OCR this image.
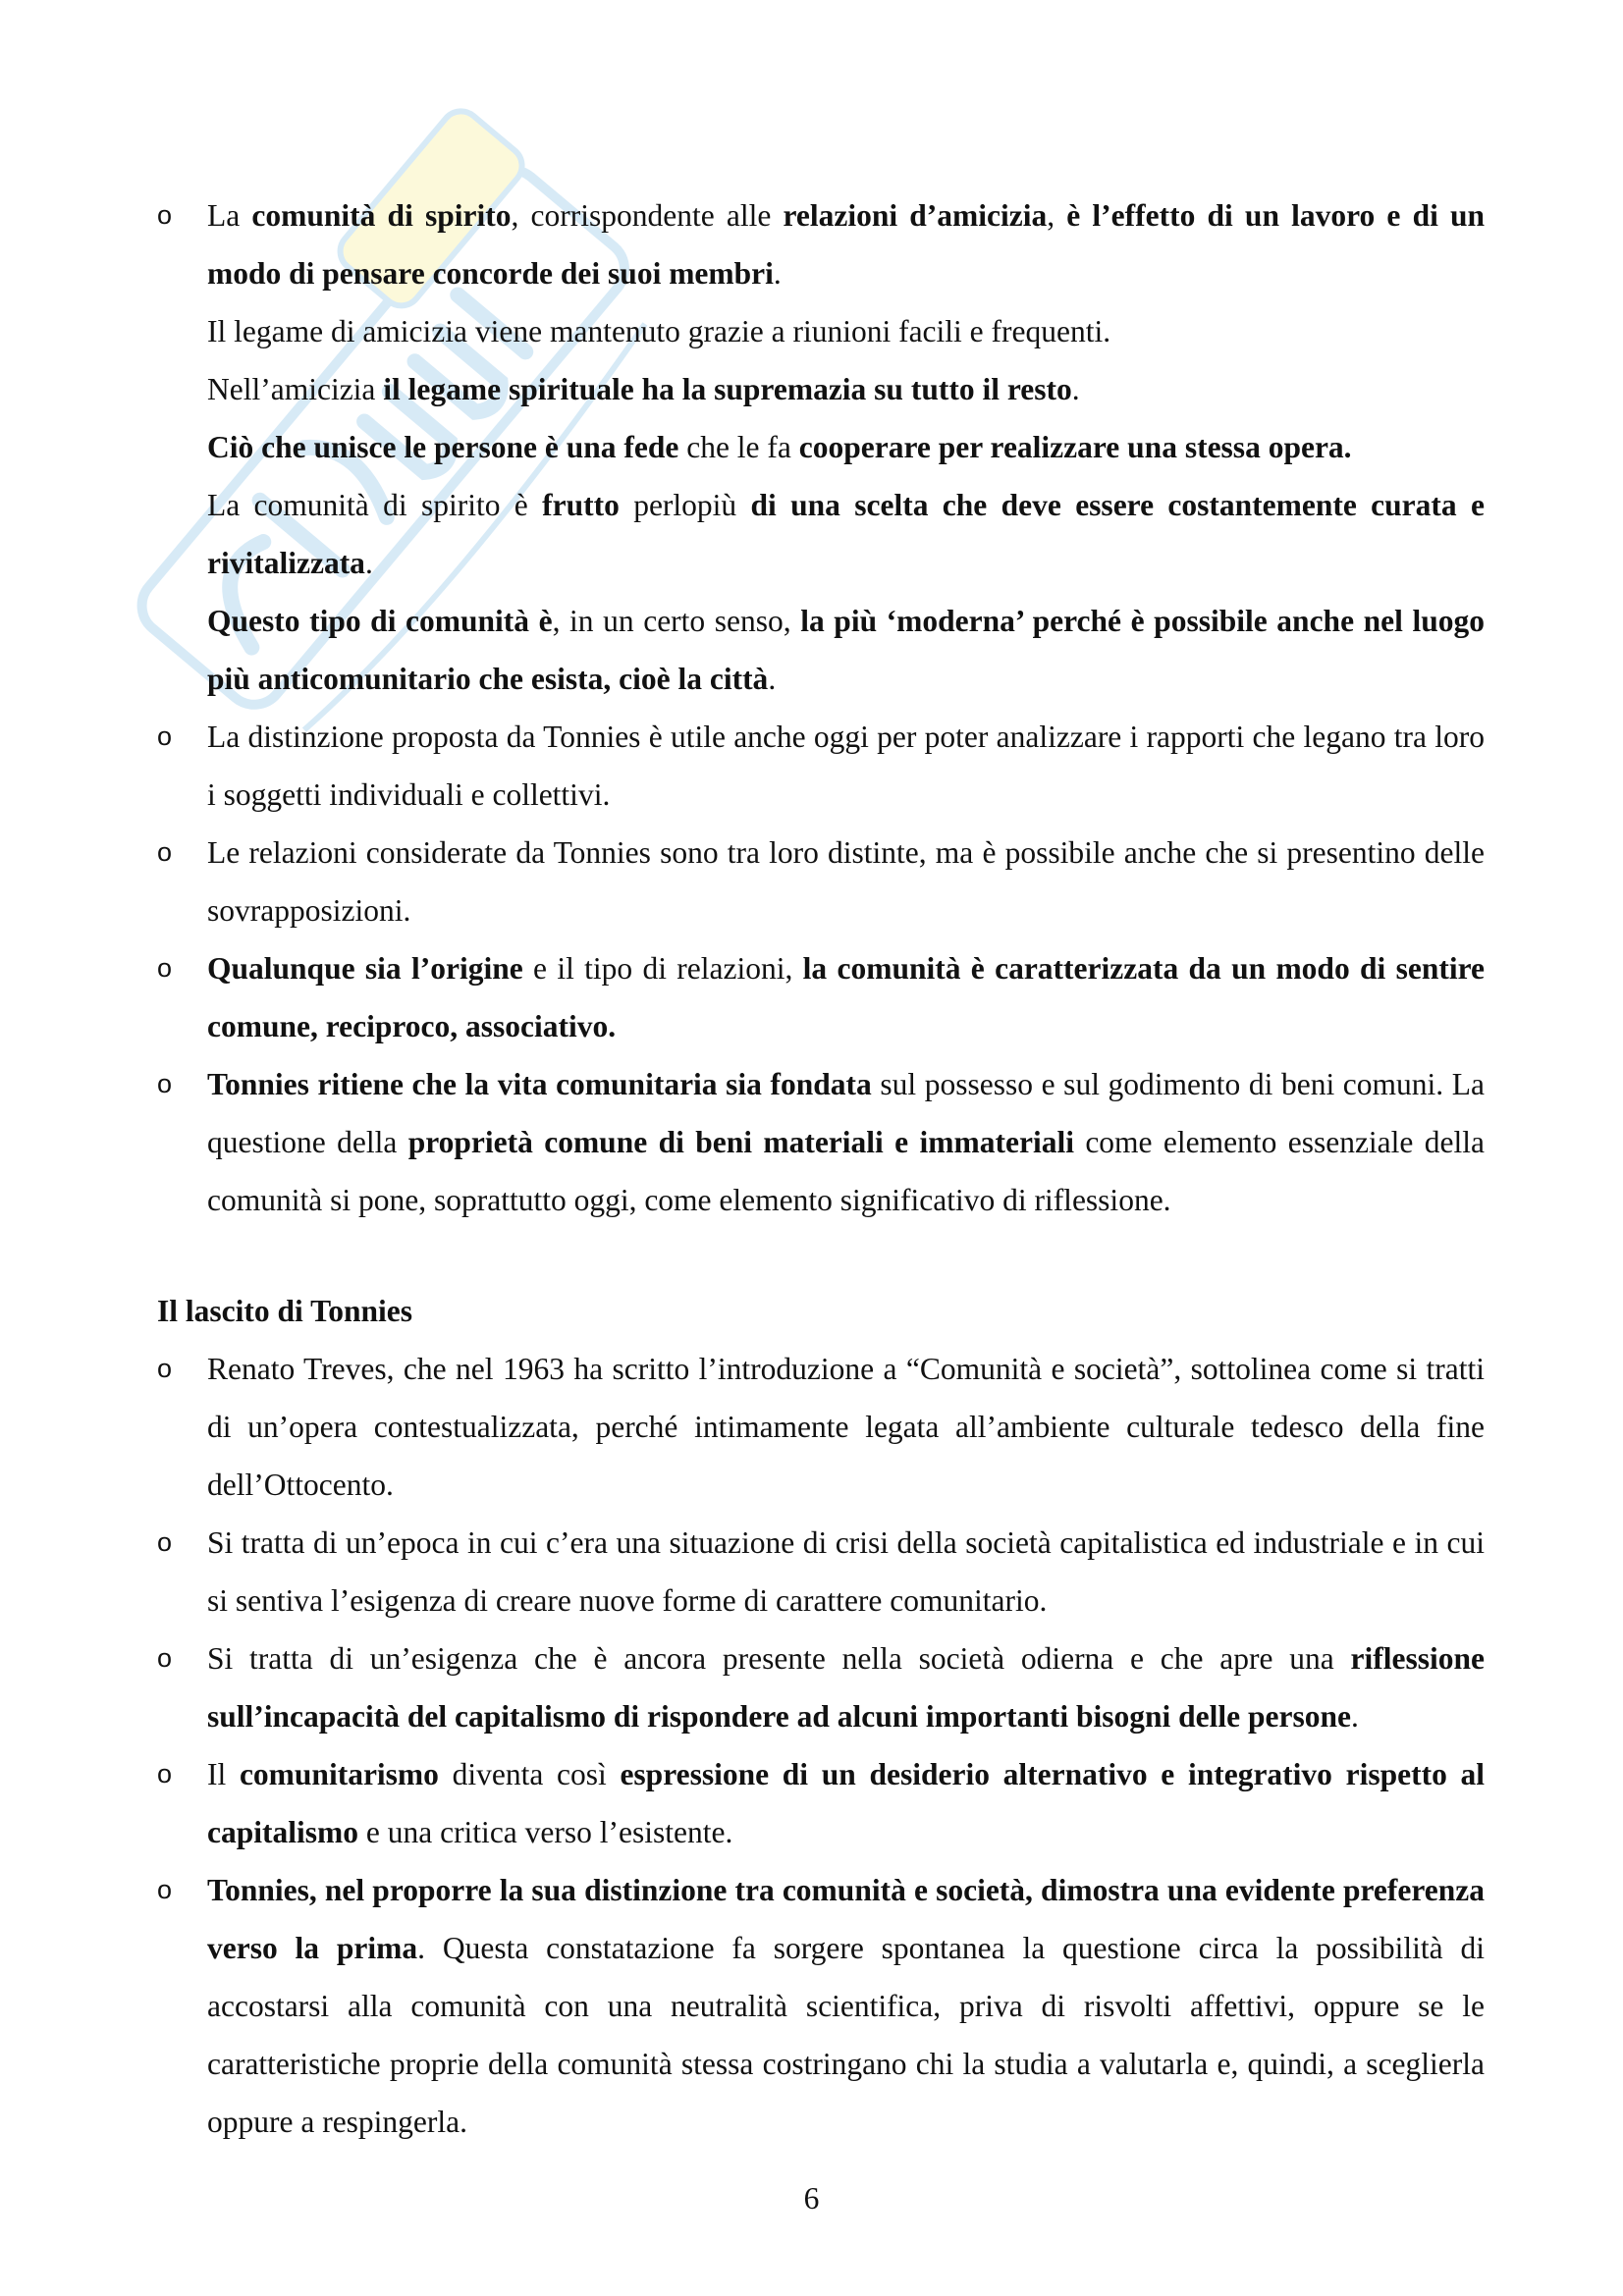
o La comunità di spirito, corrispondente alle relazioni d’amicizia, è l’effetto di un lavoro e di un modo di pensare concorde dei suoi membri.
Il legame di amicizia viene mantenuto grazie a riunioni facili e frequenti.
Nell’amicizia il legame spirituale ha la supremazia su tutto il resto.
Ciò che unisce le persone è una fede che le fa cooperare per realizzare una stessa opera.
La comunità di spirito è frutto perlopiù di una scelta che deve essere costantemente curata e rivitalizzata.
Questo tipo di comunità è, in un certo senso, la più ‘moderna’ perché è possibile anche nel luogo più anticomunitario che esista, cioè la città.
o La distinzione proposta da Tonnies è utile anche oggi per poter analizzare i rapporti che legano tra loro i soggetti individuali e collettivi.
o Le relazioni considerate da Tonnies sono tra loro distinte, ma è possibile anche che si presentino delle sovrapposizioni.
o Qualunque sia l’origine e il tipo di relazioni, la comunità è caratterizzata da un modo di sentire comune, reciproco, associativo.
o Tonnies ritiene che la vita comunitaria sia fondata sul possesso e sul godimento di beni comuni. La questione della proprietà comune di beni materiali e immateriali come elemento essenziale della comunità si pone, soprattutto oggi, come elemento significativo di riflessione.
Il lascito di Tonnies
o Renato Treves, che nel 1963 ha scritto l’introduzione a “Comunità e società”, sottolinea come si tratti di un’opera contestualizzata, perché intimamente legata all’ambiente culturale tedesco della fine dell’Ottocento.
o Si tratta di un’epoca in cui c’era una situazione di crisi della società capitalistica ed industriale e in cui si sentiva l’esigenza di creare nuove forme di carattere comunitario.
o Si tratta di un’esigenza che è ancora presente nella società odierna e che apre una riflessione sull’incapacità del capitalismo di rispondere ad alcuni importanti bisogni delle persone.
o Il comunitarismo diventa così espressione di un desiderio alternativo e integrativo rispetto al capitalismo e una critica verso l’esistente.
o Tonnies, nel proporre la sua distinzione tra comunità e società, dimostra una evidente preferenza verso la prima. Questa constatazione fa sorgere spontanea la questione circa la possibilità di accostarsi alla comunità con una neutralità scientifica, priva di risvolti affettivi, oppure se le caratteristiche proprie della comunità stessa costringano chi la studia a valutarla e, quindi, a sceglierla oppure a respingerla.
6
